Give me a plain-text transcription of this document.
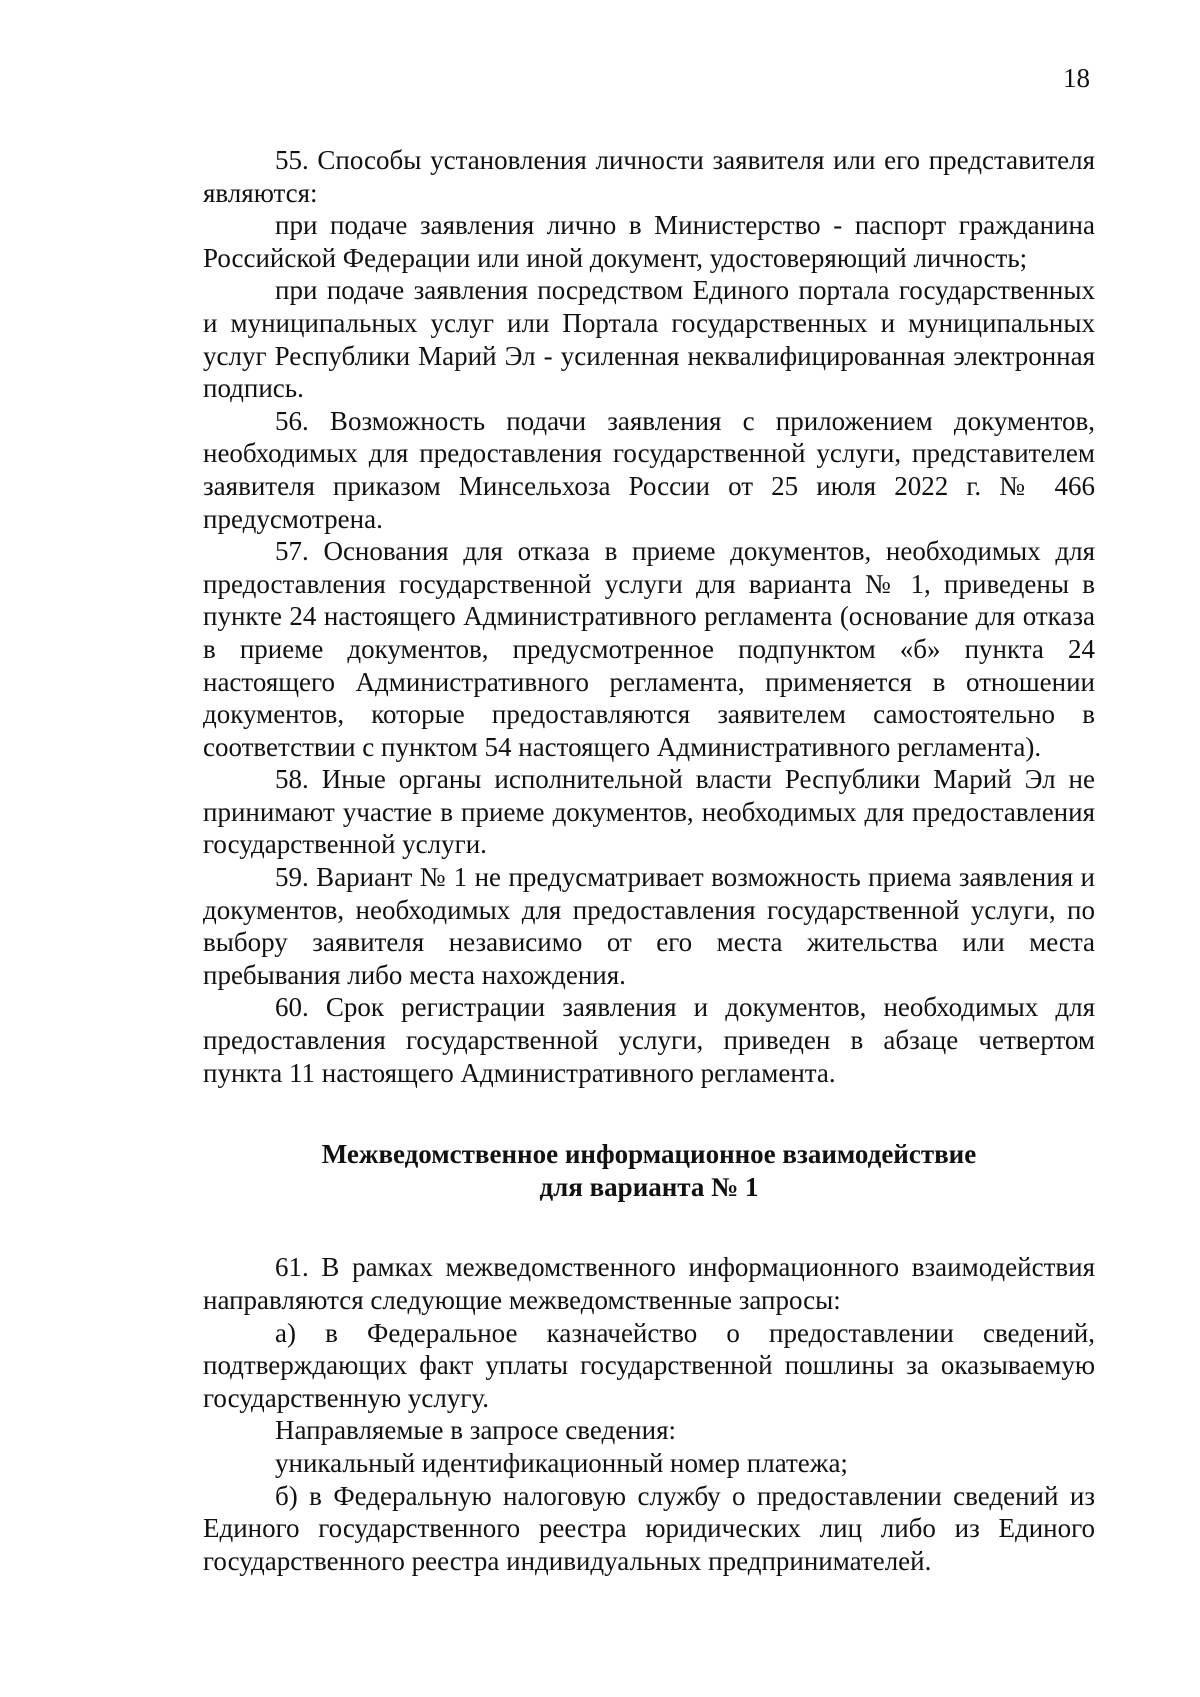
18

55. Способы установления личности заявителя или его представителя являются:

при подаче заявления лично в Министерство - паспорт гражданина Российской Федерации или иной документ, удостоверяющий личность;

при подаче заявления посредством Единого портала государственных и муниципальных услуг или Портала государственных и муниципальных услуг Республики Марий Эл - усиленная неквалифицированная электронная подпись.

56. Возможность подачи заявления с приложением документов, необходимых для предоставления государственной услуги, представителем заявителя приказом Минсельхоза России от 25 июля 2022 г. № 466 предусмотрена.

57. Основания для отказа в приеме документов, необходимых для предоставления государственной услуги для варианта № 1, приведены в пункте 24 настоящего Административного регламента (основание для отказа в приеме документов, предусмотренное подпунктом «б» пункта 24 настоящего Административного регламента, применяется в отношении документов, которые предоставляются заявителем самостоятельно в соответствии с пунктом 54 настоящего Административного регламента).

58. Иные органы исполнительной власти Республики Марий Эл не принимают участие в приеме документов, необходимых для предоставления государственной услуги.

59. Вариант № 1 не предусматривает возможность приема заявления и документов, необходимых для предоставления государственной услуги, по выбору заявителя независимо от его места жительства или места пребывания либо места нахождения.

60. Срок регистрации заявления и документов, необходимых для предоставления государственной услуги, приведен в абзаце четвертом пункта 11 настоящего Административного регламента.

Межведомственное информационное взаимодействие
для варианта № 1

61. В рамках межведомственного информационного взаимодействия направляются следующие межведомственные запросы:

а) в Федеральное казначейство о предоставлении сведений, подтверждающих факт уплаты государственной пошлины за оказываемую государственную услугу.

Направляемые в запросе сведения:

уникальный идентификационный номер платежа;

б) в Федеральную налоговую службу о предоставлении сведений из Единого государственного реестра юридических лиц либо из Единого государственного реестра индивидуальных предпринимателей.
